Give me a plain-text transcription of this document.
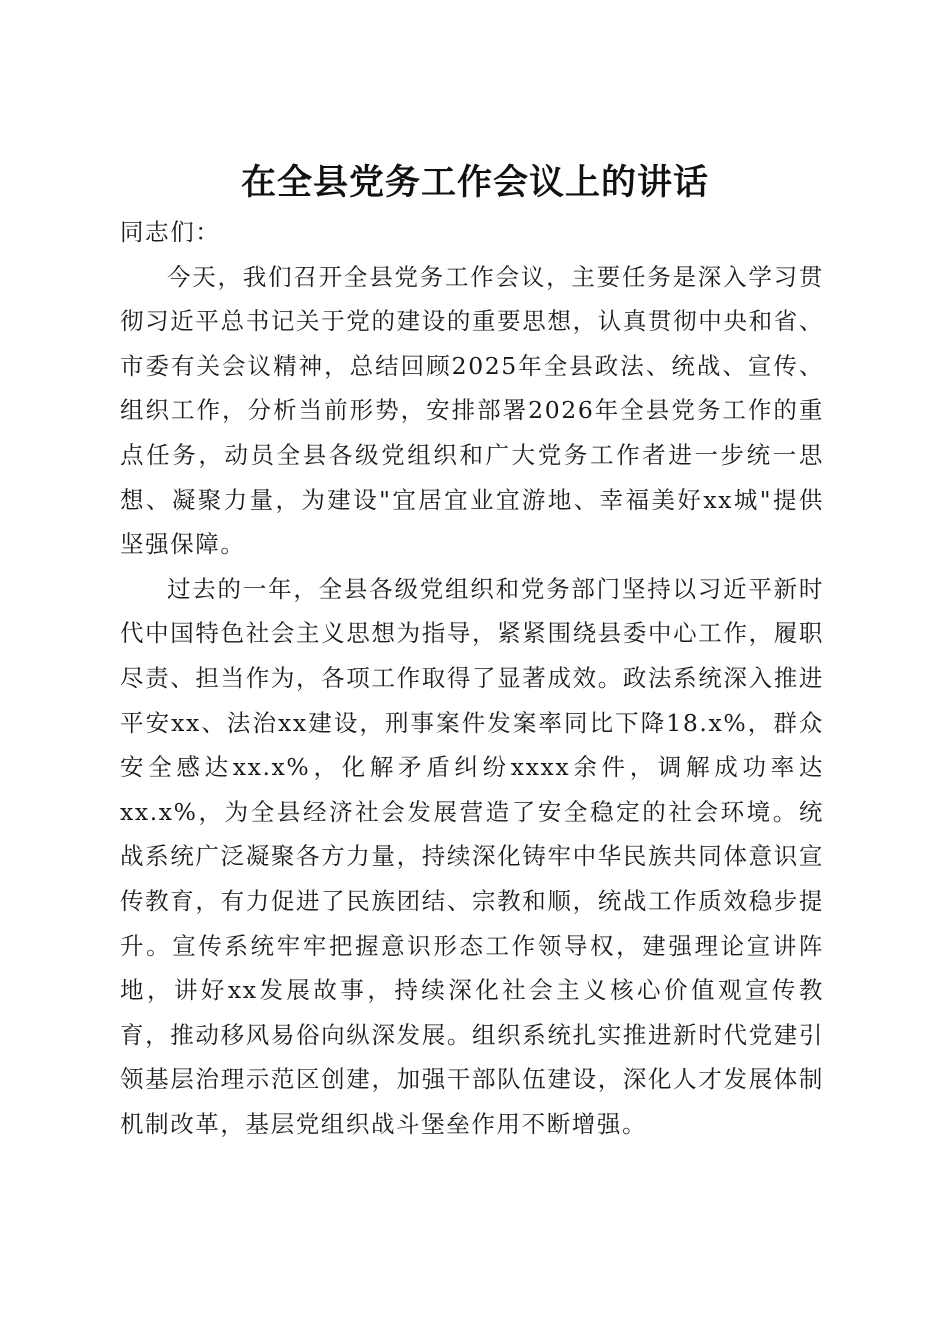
在全县党务工作会议上的讲话

同志们：

今天，我们召开全县党务工作会议，主要任务是深入学习贯彻习近平总书记关于党的建设的重要思想，认真贯彻中央和省、市委有关会议精神，总结回顾2025年全县政法、统战、宣传、组织工作，分析当前形势，安排部署2026年全县党务工作的重点任务，动员全县各级党组织和广大党务工作者进一步统一思想、凝聚力量，为建设"宜居宜业宜游地、幸福美好xx城"提供坚强保障。

过去的一年，全县各级党组织和党务部门坚持以习近平新时代中国特色社会主义思想为指导，紧紧围绕县委中心工作，履职尽责、担当作为，各项工作取得了显著成效。政法系统深入推进平安xx、法治xx建设，刑事案件发案率同比下降18.x%，群众安全感达xx.x%，化解矛盾纠纷xxxx余件，调解成功率达xx.x%，为全县经济社会发展营造了安全稳定的社会环境。统战系统广泛凝聚各方力量，持续深化铸牢中华民族共同体意识宣传教育，有力促进了民族团结、宗教和顺，统战工作质效稳步提升。宣传系统牢牢把握意识形态工作领导权，建强理论宣讲阵地，讲好xx发展故事，持续深化社会主义核心价值观宣传教育，推动移风易俗向纵深发展。组织系统扎实推进新时代党建引领基层治理示范区创建，加强干部队伍建设，深化人才发展体制机制改革，基层党组织战斗堡垒作用不断增强。
